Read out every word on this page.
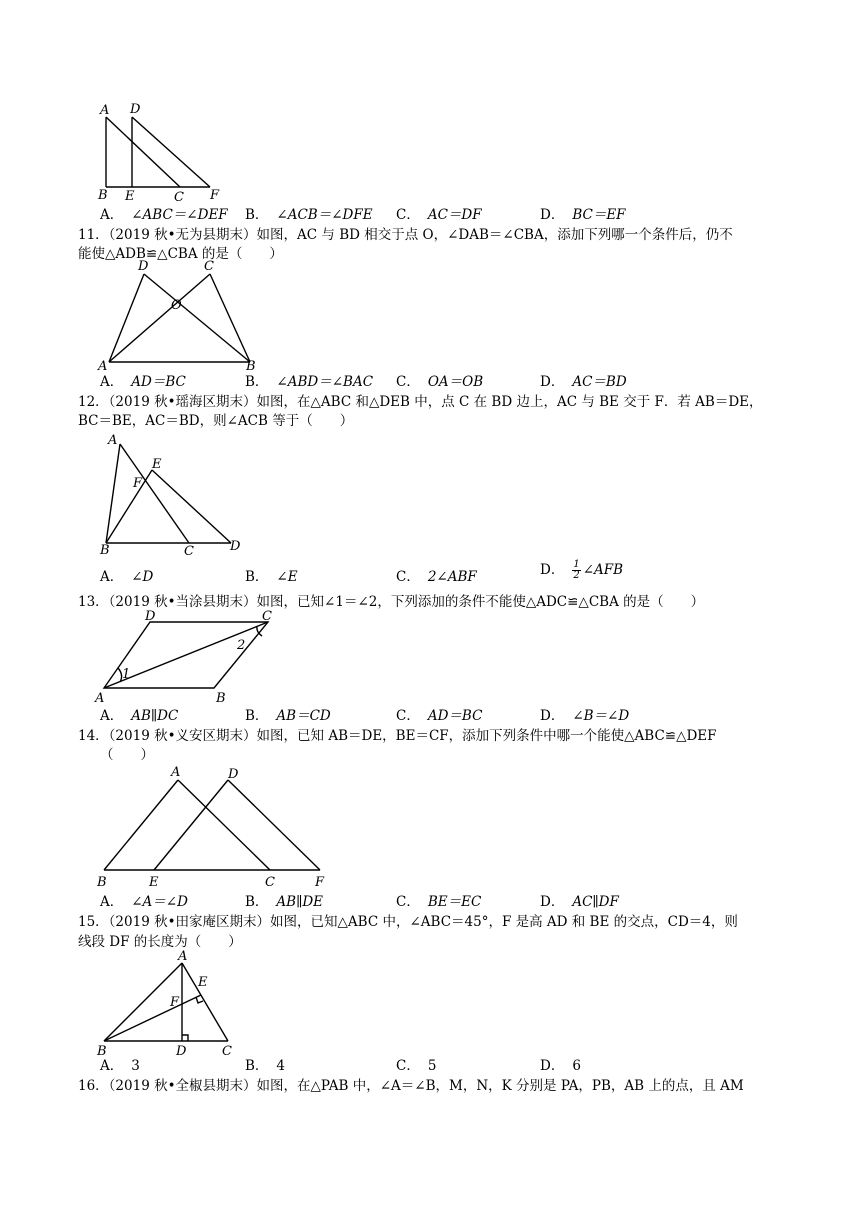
A D
B E	C F
A． ∠ABC＝∠DEF B． ∠ACB＝∠DFE C． AC＝DF	D． BC＝EF
11．（2019 秋•无为县期末）如图，AC 与 BD 相交于点 O，∠DAB＝∠CBA，添加下列哪一个条件后，仍不
能使△ADB≌△CBA 的是（　　）
D	C
O
A	B
A． AD＝BC	B． ∠ABD＝∠BAC C． OA＝OB	D． AC＝BD
12．（2019 秋•瑶海区期末）如图，在△ABC 和△DEB 中，点 C 在 BD 边上，AC 与 BE 交于 F．若 AB＝DE，
BC＝BE，AC＝BD，则∠ACB 等于（　　）
A
E
F
B	C	D
A． ∠D	B． ∠E	C． 2∠ABF	D． $\frac{1}{2}$ ∠AFB
13．（2019 秋•当涂县期末）如图，已知∠1＝∠2，下列添加的条件不能使△ADC≌△CBA 的是（　　）
D	C
A	B
1
2
A． AB∥DC	B． AB＝CD	C． AD＝BC	D． ∠B＝∠D
14．（2019 秋•义安区期末）如图，已知 AB＝DE，BE＝CF，添加下列条件中哪一个能使△ABC≌△DEF
（　　）
A	D
B	E	C	F
A． ∠A＝∠D	B． AB∥DE	C． BE＝EC	D． AC∥DF
15．（2019 秋•田家庵区期末）如图，已知△ABC 中，∠ABC＝45°，F 是高 AD 和 BE 的交点，CD＝4，则
线段 DF 的长度为（　　）
A
E
F
B	D	C
A． 3	B． 4	C． 5	D． 6
16．（2019 秋•全椒县期末）如图，在△PAB 中，∠A＝∠B，M，N，K 分别是 PA，PB，AB 上的点，且 AM
